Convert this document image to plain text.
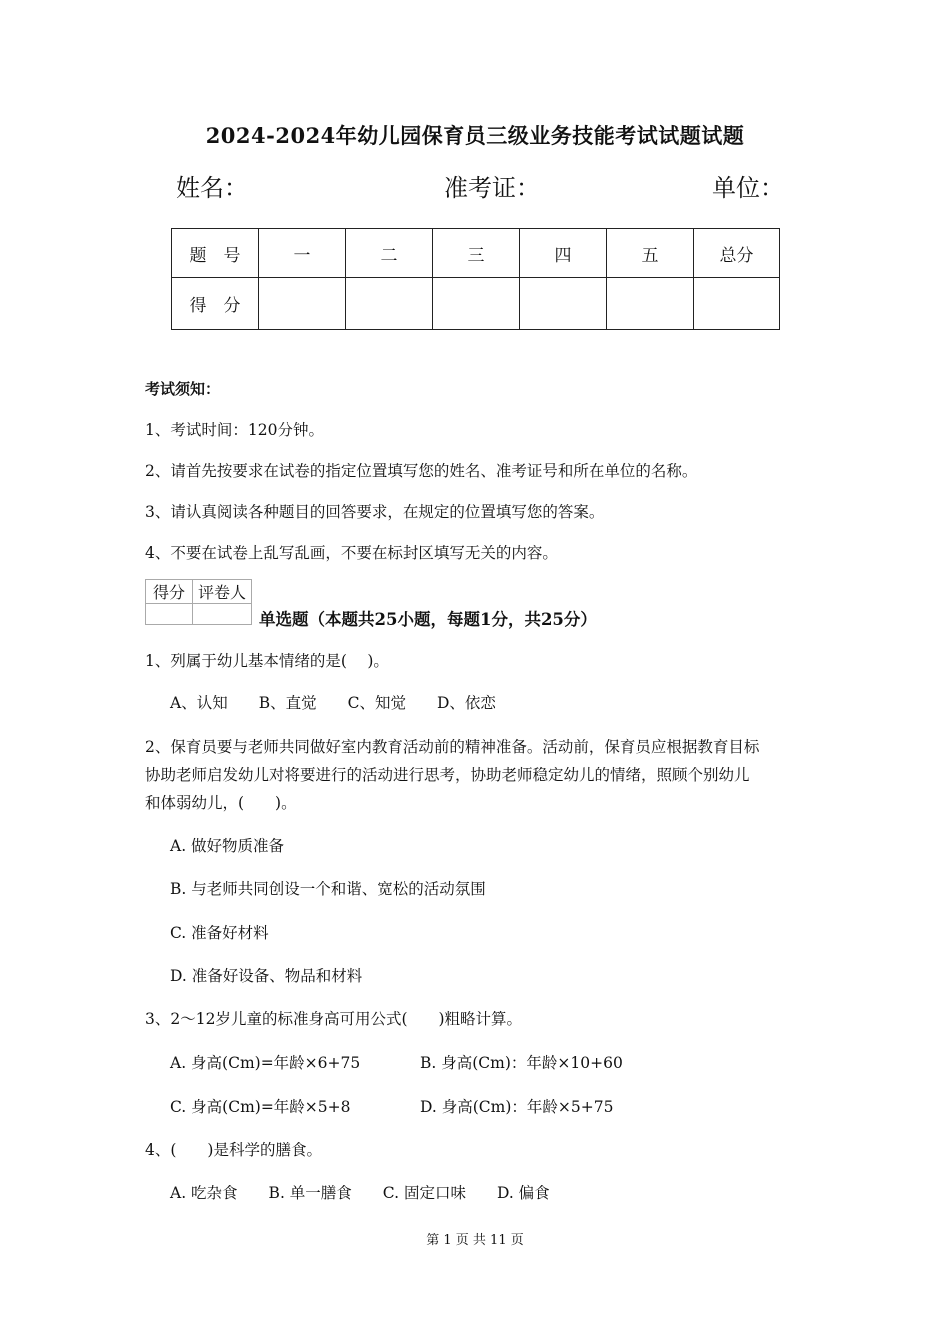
2024-2024年幼儿园保育员三级业务技能考试试题试题
姓名：	准考证：	单位：
题　号	一	二	三	四	五	总分
得　分						
考试须知：
1、考试时间：120分钟。
2、请首先按要求在试卷的指定位置填写您的姓名、准考证号和所在单位的名称。
3、请认真阅读各种题目的回答要求，在规定的位置填写您的答案。
4、不要在试卷上乱写乱画，不要在标封区填写无关的内容。
得分	评卷人

单选题（本题共25小题，每题1分，共25分）
1、列属于幼儿基本情绪的是(　 )。
A、认知　　B、直觉　　C、知觉　　D、依恋
2、保育员要与老师共同做好室内教育活动前的精神准备。活动前，保育员应根据教育目标
协助老师启发幼儿对将要进行的活动进行思考，协助老师稳定幼儿的情绪，照顾个别幼儿
和体弱幼儿，(　　)。
A. 做好物质准备
B. 与老师共同创设一个和谐、宽松的活动氛围
C. 准备好材料
D. 准备好设备、物品和材料
3、2～12岁儿童的标准身高可用公式(　　)粗略计算。
A. 身高(Cm)=年龄×6+75	B. 身高(Cm)：年龄×10+60
C. 身高(Cm)=年龄×5+8	D. 身高(Cm)：年龄×5+75
4、(　　)是科学的膳食。
A. 吃杂食　　B. 单一膳食　　C. 固定口味　　D. 偏食
第 1 页 共 11 页
